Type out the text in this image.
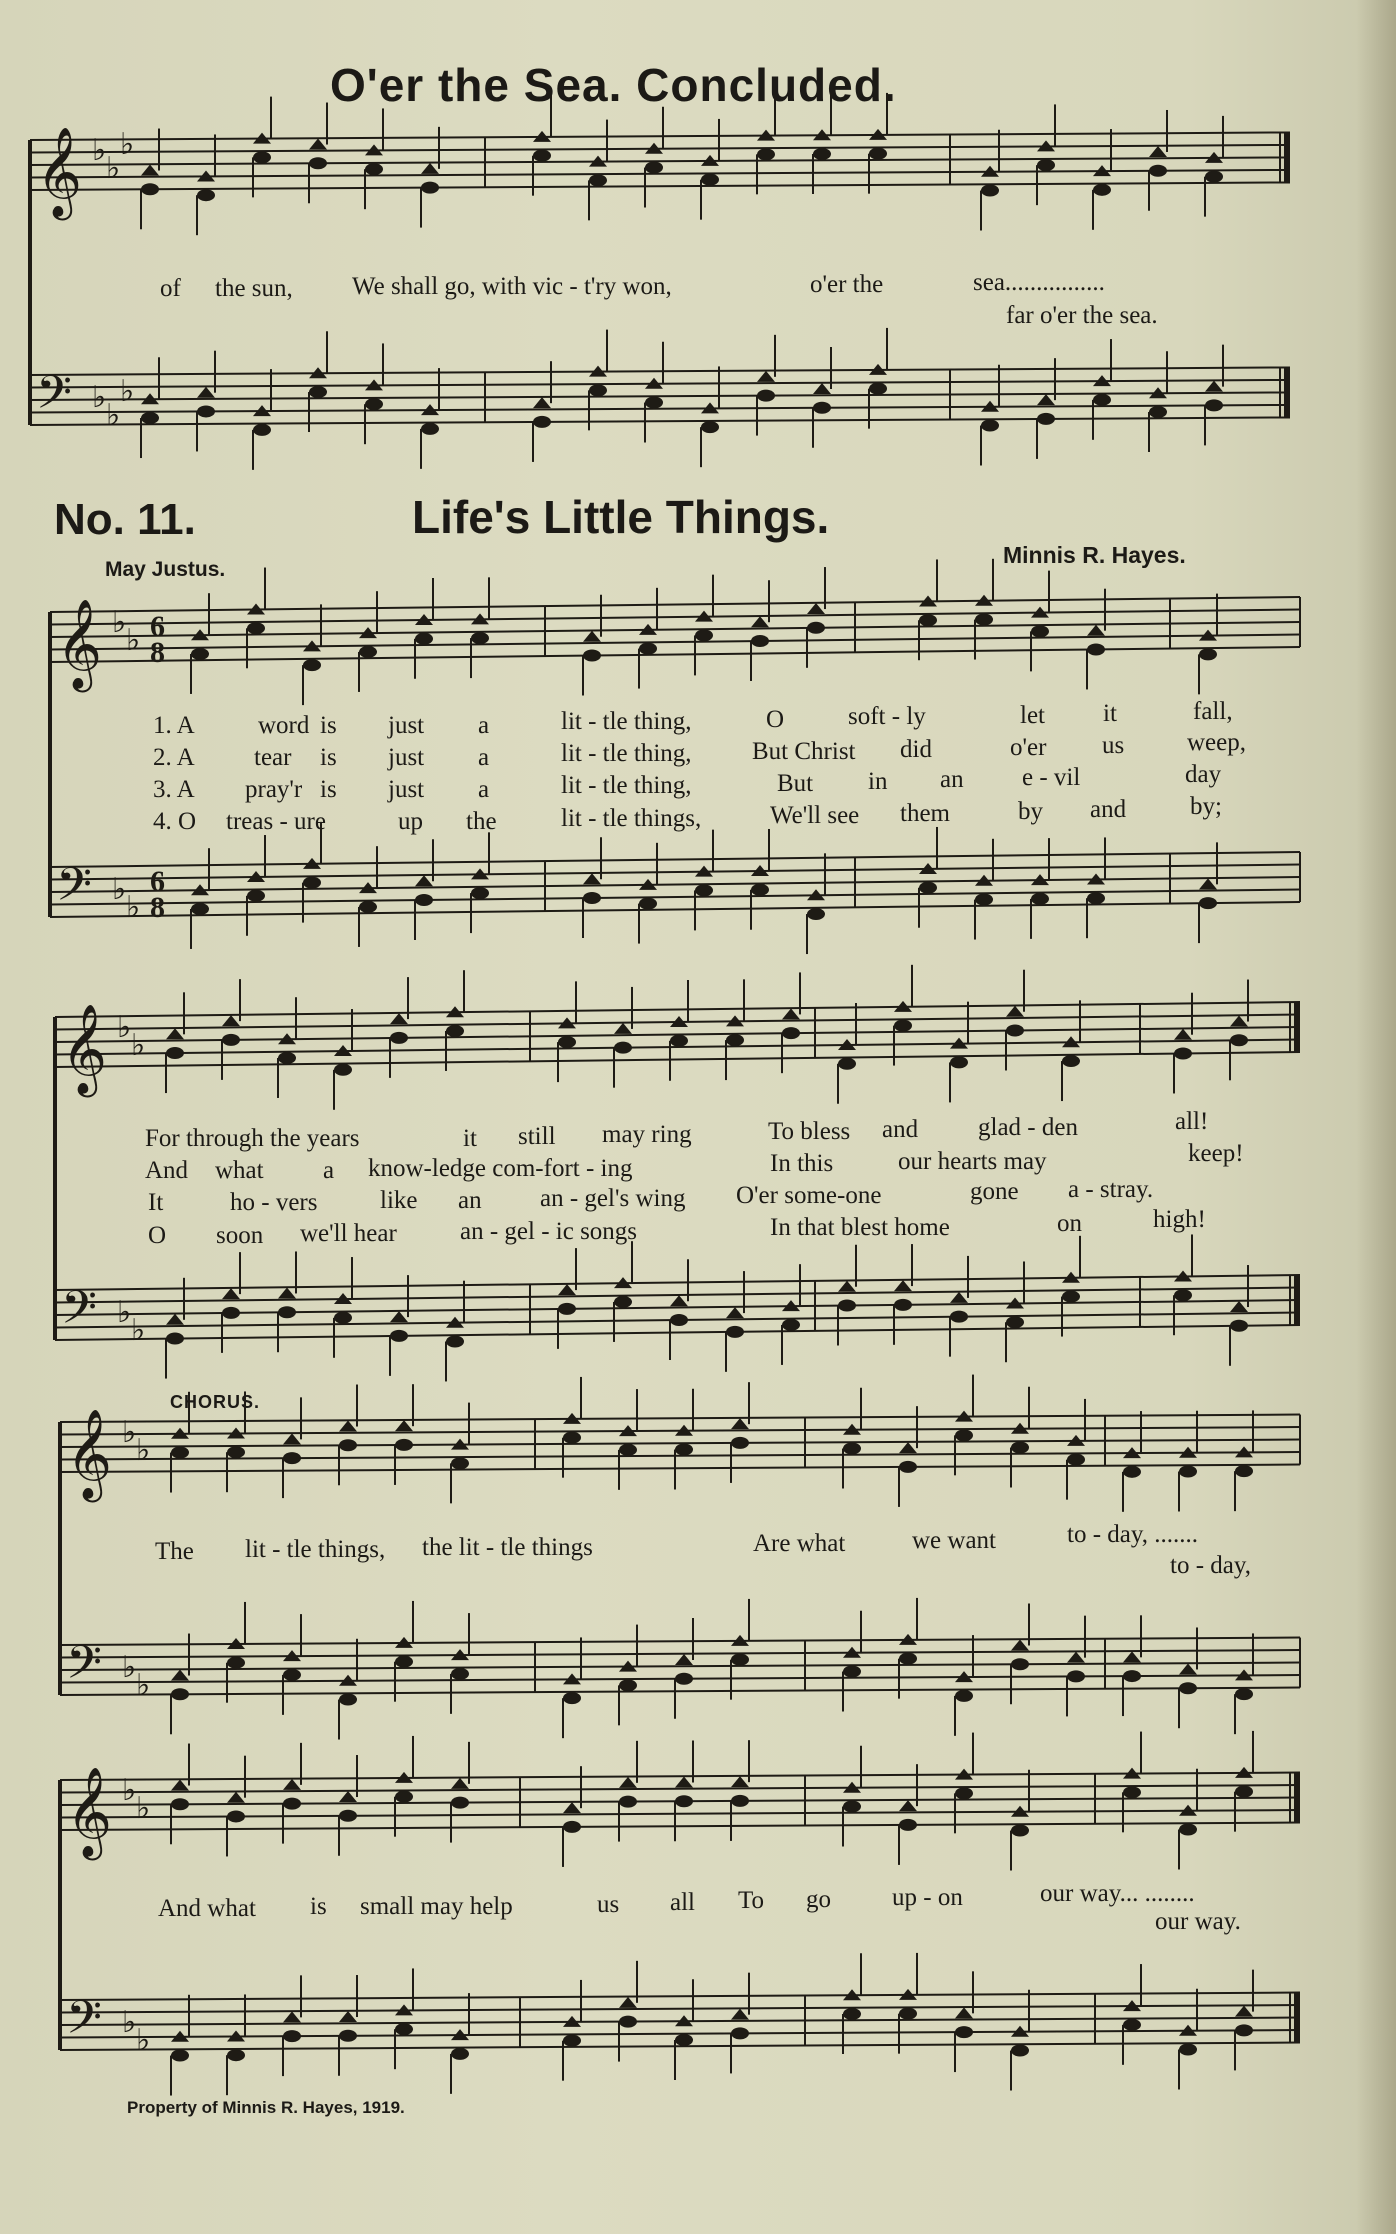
O'er the Sea. Concluded.
of the sun, We shall go, with vic - t'ry won,	o'er the	sea................
far o'er the sea.
No. 11.	Life's Little Things.
May Justus.
Minnis R. Hayes.
1. A	word is just a	lit - tle thing,	O	soft - ly	let it	fall,
2. A tear is just a	lit - tle thing, But Christ did	o'er us	weep,
3. A pray'r is just a	lit - tle thing,	But in an e - vil	day
4. O treas - ure	up the	lit - tle things,	We'll see them	by and	by;
For through the years	it still may ring	To bless and glad - den	all!
And what a know-ledge com-fort - ing	In this	our hearts may	keep!
It	ho - vers	like an an - gel's wing O'er some-one	gone a - stray.
O soon we'll hear	an - gel - ic songs	In that blest home	on	high!
CHORUS.
The lit - tle things, the lit - tle things	Are what	we want	to - day, .......
to - day,
And what is small may help	us all To go up - on	our way... ........
our way.
Property of Minnis R. Hayes, 1919.
𝄞 ♭
♭
♭
𝄢 ♭
♭
♭
𝄞 ♭
♭ 6
8
𝄢 ♭
♭
6
8
𝄞 ♭
♭
𝄢 ♭
♭
𝄞 ♭
♭
𝄢 ♭
♭
𝄞 ♭
♭
𝄢 ♭
♭
